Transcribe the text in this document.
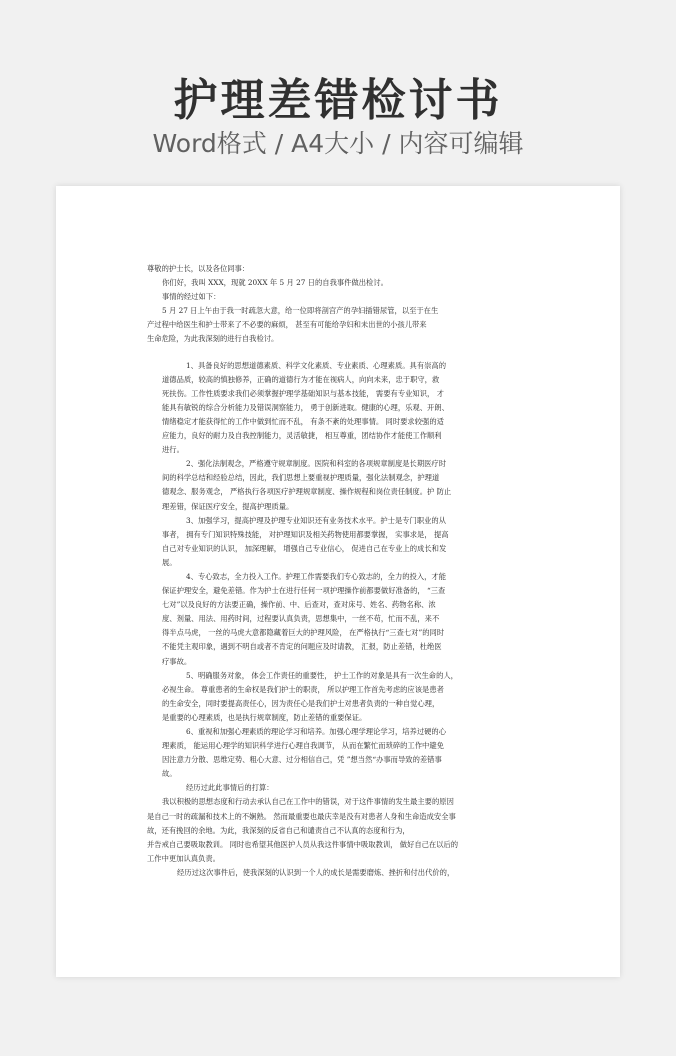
护理差错检讨书
Word格式 / A4大小 / 内容可编辑

尊敬的护士长，以及各位同事：

你们好，我叫 XXX，现就 20XX 年 5 月 27 日的自我事件做出检讨。

事情的经过如下：

5 月 27 日上午由于我一时疏忽大意，给一位即将剖宫产的孕妇插错尿管，以至于在生

产过程中给医生和护士带来了不必要的麻烦， 甚至有可能给孕妇和未出世的小孩儿带来

生命危险，为此我深刻的进行自我检讨。

1、具备良好的思想道德素质、科学文化素质、专业素质、心理素质。具有崇高的

道德品质，较高的慎独修养，正确的道德行为才能在视病人，向向未来，忠于职守，救

死扶伤。工作性质要求我们必须掌握护理学基础知识与基本技能， 需要有专业知识， 才

能具有敏锐的综合分析能力及错误洞察能力， 勇于创新进取。健康的心理，乐观、开朗、

情绪稳定才能获得忙的工作中做到忙而不乱， 有条不紊的处理事情。 同时要求较强的适

应能力，良好的耐力及自我控制能力，灵活敏捷， 相互尊重，团结协作才能使工作顺利

进行。

2、强化法制观念，严格遵守规章制度。医院和科室的各项规章制度是长期医疗时

间的科学总结和经验总结，因此，我们思想上要重视护理质量，强化法制观念，护理道

德观念、服务观念， 严格执行各项医疗护理规章制度、操作规程和岗位责任制度。护 防止

理差错，保证医疗安全，提高护理质量。

3、加强学习，提高护理及护理专业知识还有业务技术水平。护士是专门职业的从

事者， 拥有专门知识特殊技能， 对护理知识及相关药物使用都要掌握， 实事求是， 提高

自己对专业知识的认识， 加深理解， 增强自己专业信心， 促进自己在专业上的成长和发

展。

4、专心致志，全力投入工作。护理工作需要我们专心致志的，全力的投入，才能

保证护理安全，避免差错。作为护士在进行任何一项护理操作前都要做好准备的， “三查

七对”以及良好的方法要正确，操作前、中、后查对，查对床号、姓名、药物名称、浓

度、剂量、用法、用药时间，过程要认真负责，思想集中，一丝不苟，忙而不乱，来不

得半点马虎， 一丝的马虎大意都隐藏着巨大的护理风险， 在严格执行“三查七对”的同时

不能凭主观印象，遇到不明自或者不肯定的问题应及时请教， 汇报，防止差错，杜绝医

疗事故。

5、明确服务对象， 体会工作责任的重要性， 护士工作的对象是具有一次生命的人，

必视生命。 尊重患者的生命权是我们护士的职责， 所以护理工作首先考虑的应该是患者

的生命安全，同时要提高责任心，因为责任心是我们护士对患者负责的一种自觉心理，

是重要的心理素质，也是执行规章制度，防止差错的重要保证。

6、重视和加强心理素质的理论学习和培养。加强心理学理论学习，培养过硬的心

理素质， 能运用心理学的知识科学进行心理自我调节， 从而在繁忙而琐碎的工作中避免

因注意力分散、思维定势、粗心大意、过分相信自己，凭 ”想当然“办事而导致的差错事

故。

经历过此此事情后的打算：

我以积极的思想态度和行动去承认自己在工作中的错误，对于这件事情的发生最主要的原因

是自己一时的疏漏和技术上的不娴熟。 然而最重要也最庆幸是没有对患者人身和生命造成安全事

故，还有挽回的余地。为此，我深刻的反省自己和谴责自己不认真的态度和行为，

并告戒自己要吸取教训。 同时也希望其他医护人员从我这件事情中吸取教训， 做好自己在以后的

工作中更加认真负责。

经历过这次事件后，使我深刻的认识到一个人的成长是需要磨炼、挫折和付出代价的，
